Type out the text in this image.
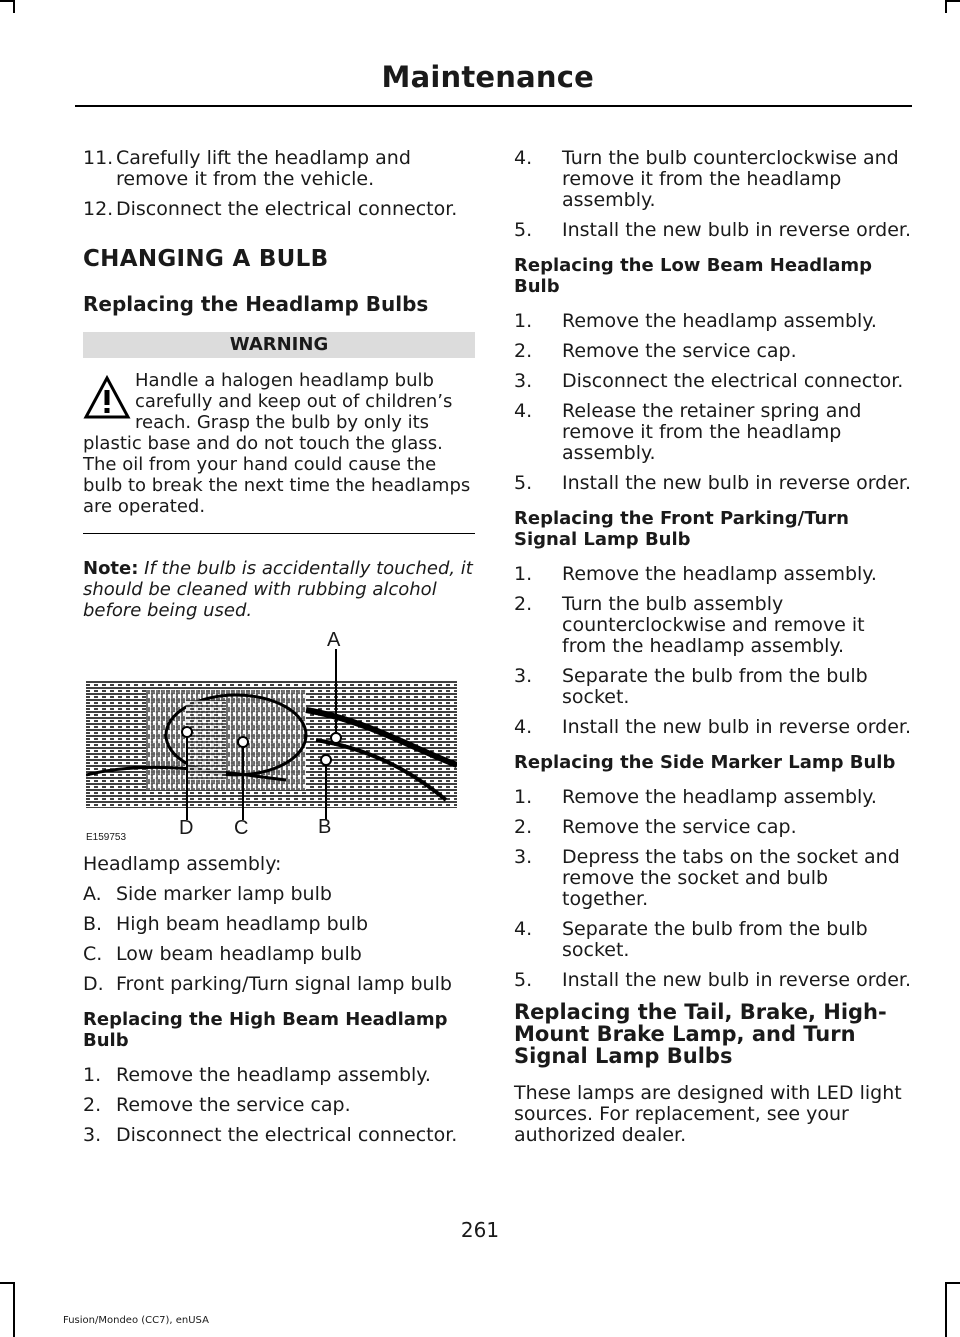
Maintenance
11. Carefully lift the headlamp and remove it from the vehicle.
12. Disconnect the electrical connector.
CHANGING A BULB
Replacing the Headlamp Bulbs
WARNING
Handle a halogen headlamp bulb carefully and keep out of children’s reach. Grasp the bulb by only its plastic base and do not touch the glass. The oil from your hand could cause the bulb to break the next time the headlamps are operated.
Note: If the bulb is accidentally touched, it should be cleaned with rubbing alcohol before being used.
A
D C	B
E159753
Headlamp assembly:
A. Side marker lamp bulb
B. High beam headlamp bulb
C. Low beam headlamp bulb
D. Front parking/Turn signal lamp bulb
Replacing the High Beam Headlamp Bulb
1. Remove the headlamp assembly.
2. Remove the service cap.
3. Disconnect the electrical connector.
4.	Turn the bulb counterclockwise and remove it from the headlamp assembly.
5.	Install the new bulb in reverse order.
Replacing the Low Beam Headlamp Bulb
1.	Remove the headlamp assembly.
2.	Remove the service cap.
3.	Disconnect the electrical connector.
4.	Release the retainer spring and remove it from the headlamp assembly.
5.	Install the new bulb in reverse order.
Replacing the Front Parking/Turn Signal Lamp Bulb
1.	Remove the headlamp assembly.
2.	Turn the bulb assembly counterclockwise and remove it from the headlamp assembly.
3.	Separate the bulb from the bulb socket.
4.	Install the new bulb in reverse order.
Replacing the Side Marker Lamp Bulb
1.	Remove the headlamp assembly.
2.	Remove the service cap.
3.	Depress the tabs on the socket and remove the socket and bulb together.
4.	Separate the bulb from the bulb socket.
5.	Install the new bulb in reverse order.
Replacing the Tail, Brake, High-Mount Brake Lamp, and Turn Signal Lamp Bulbs
These lamps are designed with LED light sources. For replacement, see your authorized dealer.
261
Fusion/Mondeo (CC7), enUSA
